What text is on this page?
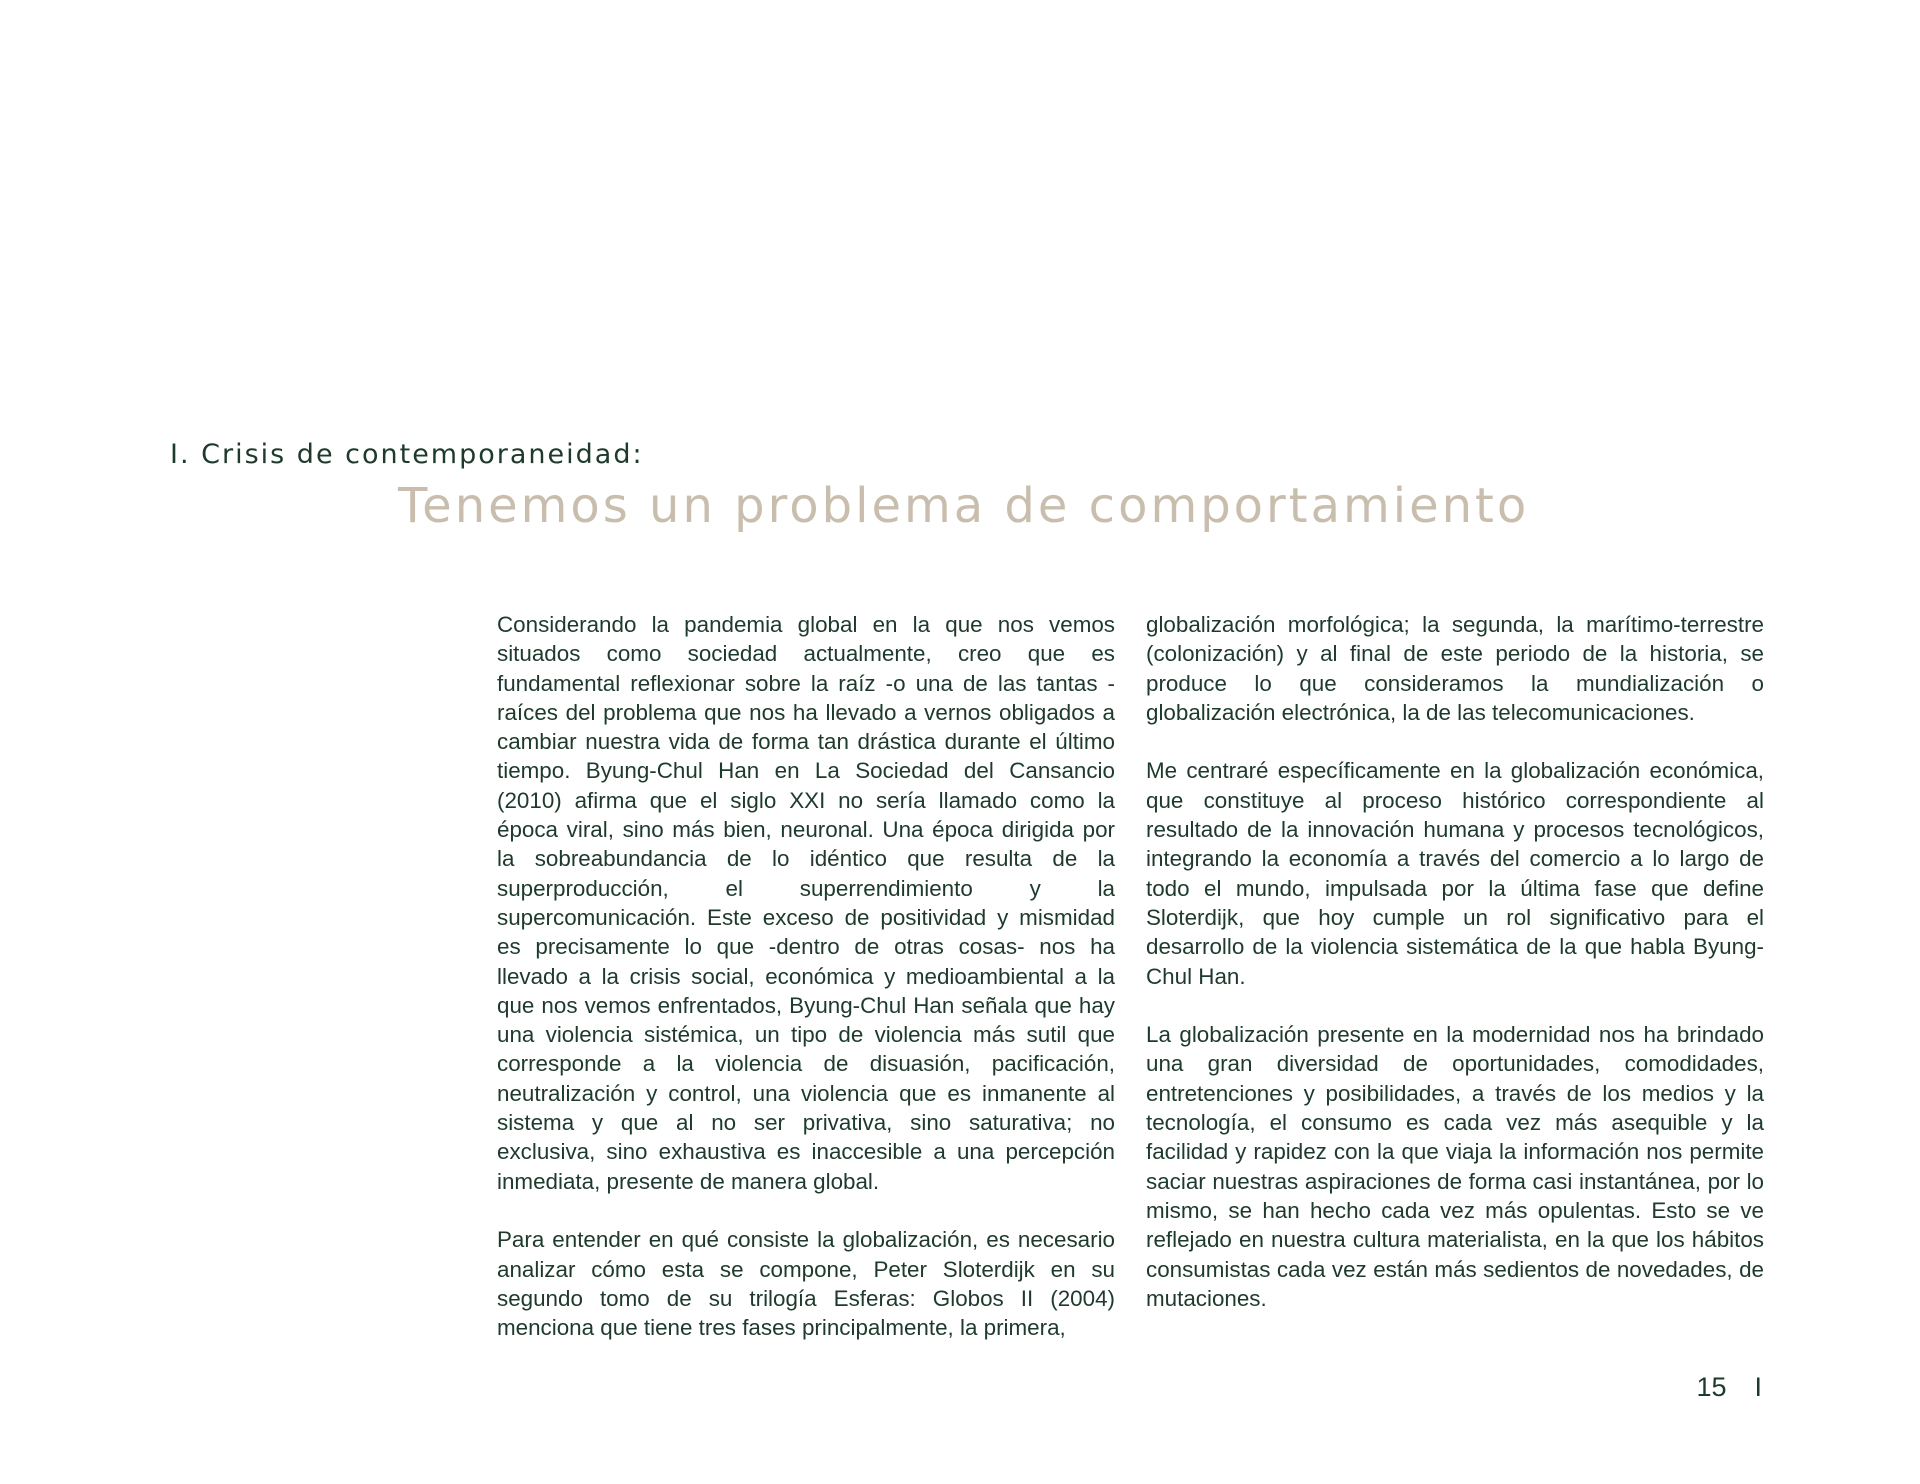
I. Crisis de contemporaneidad:
Tenemos un problema de comportamiento

Considerando la pandemia global en la que nos vemos situados como sociedad actualmente, creo que es fundamental reflexionar sobre la raíz -o una de las tantas - raíces del problema que nos ha llevado a vernos obligados a cambiar nuestra vida de forma tan drástica durante el último tiempo. Byung-Chul Han en La Sociedad del Cansancio (2010) afirma que el siglo XXI no sería llamado como la época viral, sino más bien, neuronal. Una época dirigida por la sobreabundancia de lo idéntico que resulta de la superproducción, el superrendimiento y la supercomunicación. Este exceso de positividad y mismidad es precisamente lo que -dentro de otras cosas- nos ha llevado a la crisis social, económica y medioambiental a la que nos vemos enfrentados, Byung-Chul Han señala que hay una violencia sistémica, un tipo de violencia más sutil que corresponde a la violencia de disuasión, pacificación, neutralización y control, una violencia que es inmanente al sistema y que al no ser privativa, sino saturativa; no exclusiva, sino exhaustiva es inaccesible a una percepción inmediata, presente de manera global.

Para entender en qué consiste la globalización, es necesario analizar cómo esta se compone, Peter Sloterdijk en su segundo tomo de su trilogía Esferas: Globos II (2004) menciona que tiene tres fases principalmente, la primera,

globalización morfológica; la segunda, la marítimo-terrestre (colonización) y al final de este periodo de la historia, se produce lo que consideramos la mundialización o globalización electrónica, la de las telecomunicaciones.

Me centraré específicamente en la globalización económica, que constituye al proceso histórico correspondiente al resultado de la innovación humana y procesos tecnológicos, integrando la economía a través del comercio a lo largo de todo el mundo, impulsada por la última fase que define Sloterdijk, que hoy cumple un rol significativo para el desarrollo de la violencia sistemática de la que habla Byung-Chul Han.

La globalización presente en la modernidad nos ha brindado una gran diversidad de oportunidades, comodidades, entretenciones y posibilidades, a través de los medios y la tecnología, el consumo es cada vez más asequible y la facilidad y rapidez con la que viaja la información nos permite saciar nuestras aspiraciones de forma casi instantánea, por lo mismo, se han hecho cada vez más opulentas. Esto se ve reflejado en nuestra cultura materialista, en la que los hábitos consumistas cada vez están más sedientos de novedades, de mutaciones.

15 I
